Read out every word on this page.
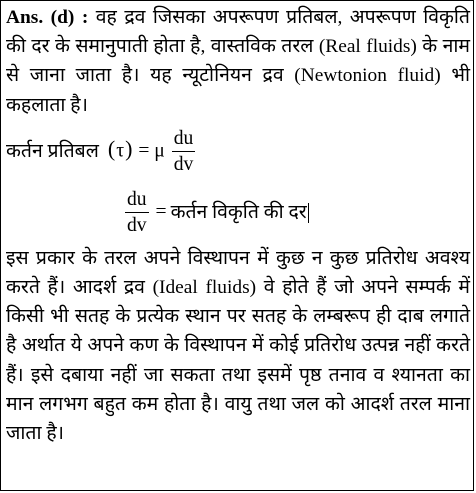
Ans. (d) : वह द्रव जिसका अपरूपण प्रतिबल, अपरूपण विकृति की दर के समानुपाती होता है, वास्तविक तरल (Real fluids) के नाम से जाना जाता है। यह न्यूटोनियन द्रव (Newtonion fluid) भी कहलाता है।
कर्तन प्रतिबल (τ) = μ $\frac{du}{dv}$
$\frac{du}{dv}$ = कर्तन विकृति की दर
इस प्रकार के तरल अपने विस्थापन में कुछ न कुछ प्रतिरोध अवश्य करते हैं। आदर्श द्रव (Ideal fluids) वे होते हैं जो अपने सम्पर्क में किसी भी सतह के प्रत्येक स्थान पर सतह के लम्बरूप ही दाब लगाते है अर्थात ये अपने कण के विस्थापन में कोई प्रतिरोध उत्पन्न नहीं करते हैं। इसे दबाया नहीं जा सकता तथा इसमें पृष्ठ तनाव व श्यानता का मान लगभग बहुत कम होता है। वायु तथा जल को आदर्श तरल माना जाता है।
